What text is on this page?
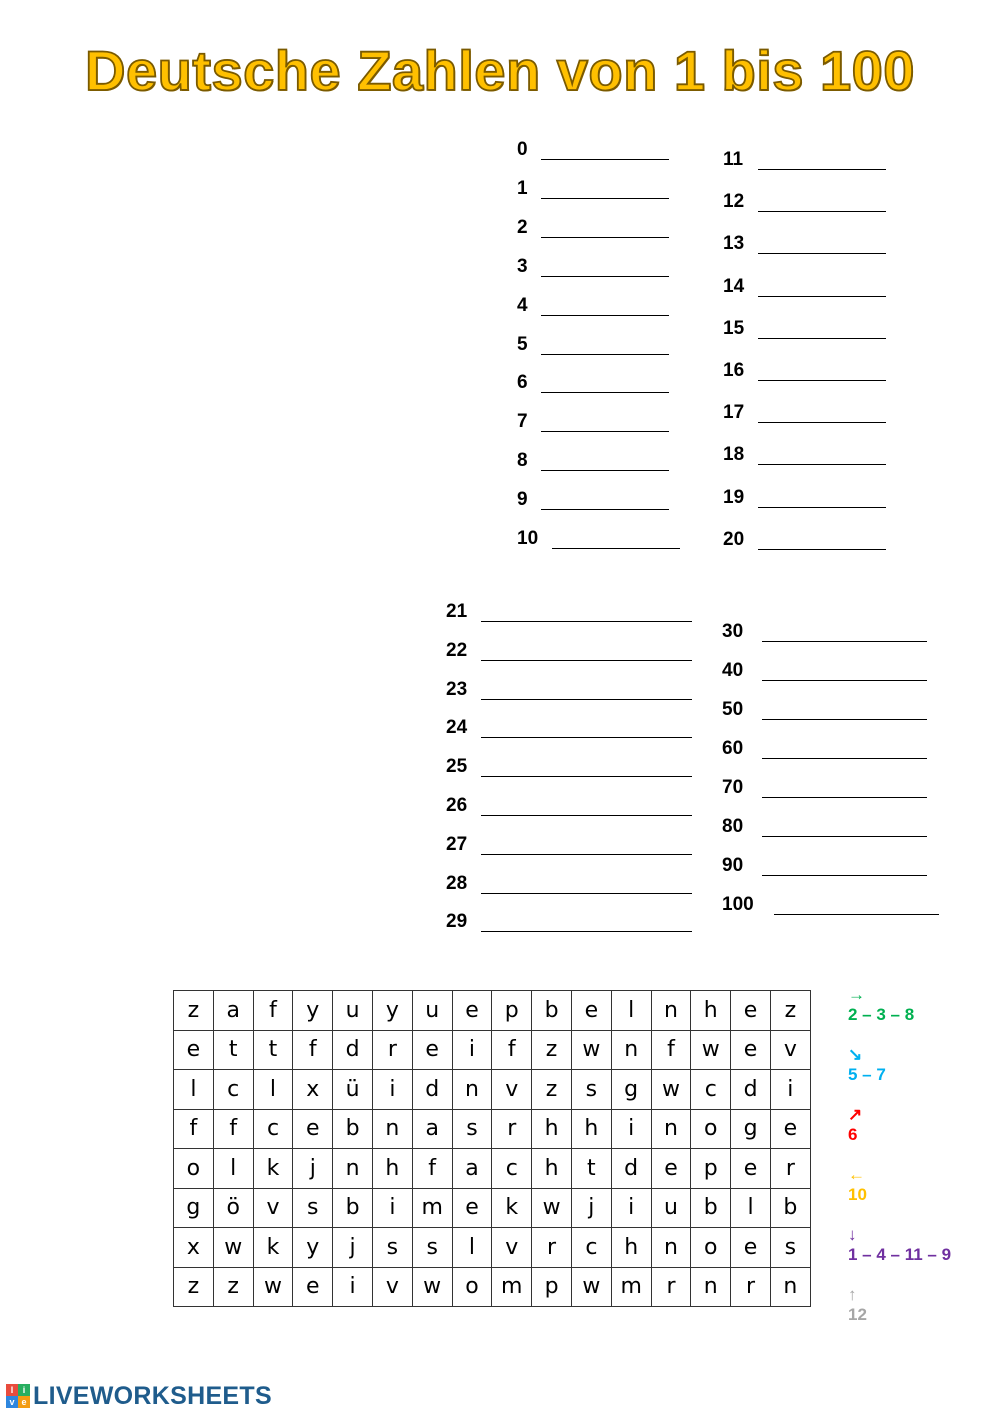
Deutsche Zahlen von 1 bis 100
0
1
2
3
4
5
6
7
8
9
10
11
12
13
14
15
16
17
18
19
20
21
22
23
24
25
26
27
28
29
30
40
50
60
70
80
90
100
z	a	f	y	u	y	u	e	p	b	e	l	n	h	e	z
e	t	t	f	d	r	e	i	f	z	w	n	f	w	e	v
l	c	l	x	ü	i	d	n	v	z	s	g	w	c	d	i
f	f	c	e	b	n	a	s	r	h	h	i	n	o	g	e
o	l	k	j	n	h	f	a	c	h	t	d	e	p	e	r
g	ö	v	s	b	i	m	e	k	w	j	i	u	b	l	b
x	w	k	y	j	s	s	l	v	r	c	h	n	o	e	s
z	z	w	e	i	v	w	o	m	p	w	m	r	n	r	n
→
2 – 3 – 8
↘
5 – 7
↗
6
←
10
↓
1 – 4 – 11 – 9
↑
12
l	i
v e LIVEWORKSHEETS
